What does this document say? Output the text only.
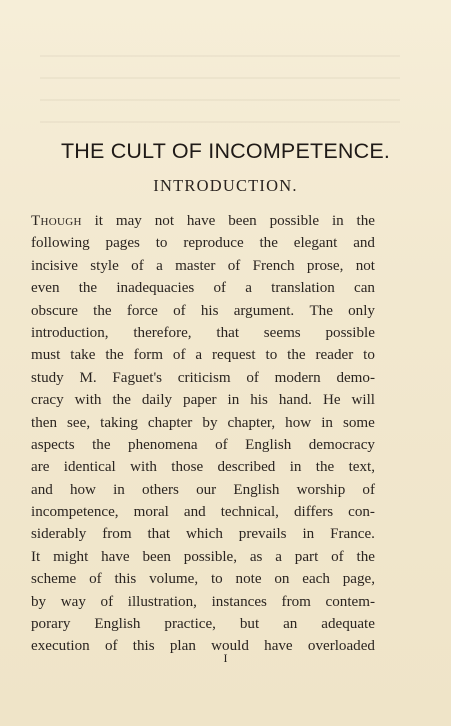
THE CULT OF INCOMPETENCE.
INTRODUCTION.
Though it may not have been possible in the
following pages to reproduce the elegant and
incisive style of a master of French prose, not
even the inadequacies of a translation can
obscure the force of his argument. The only
introduction, therefore, that seems possible
must take the form of a request to the reader to
study M. Faguet's criticism of modern demo-
cracy with the daily paper in his hand. He will
then see, taking chapter by chapter, how in some
aspects the phenomena of English democracy
are identical with those described in the text,
and how in others our English worship of
incompetence, moral and technical, differs con-
siderably from that which prevails in France.
It might have been possible, as a part of the
scheme of this volume, to note on each page,
by way of illustration, instances from contem-
porary English practice, but an adequate
execution of this plan would have overloaded
I
